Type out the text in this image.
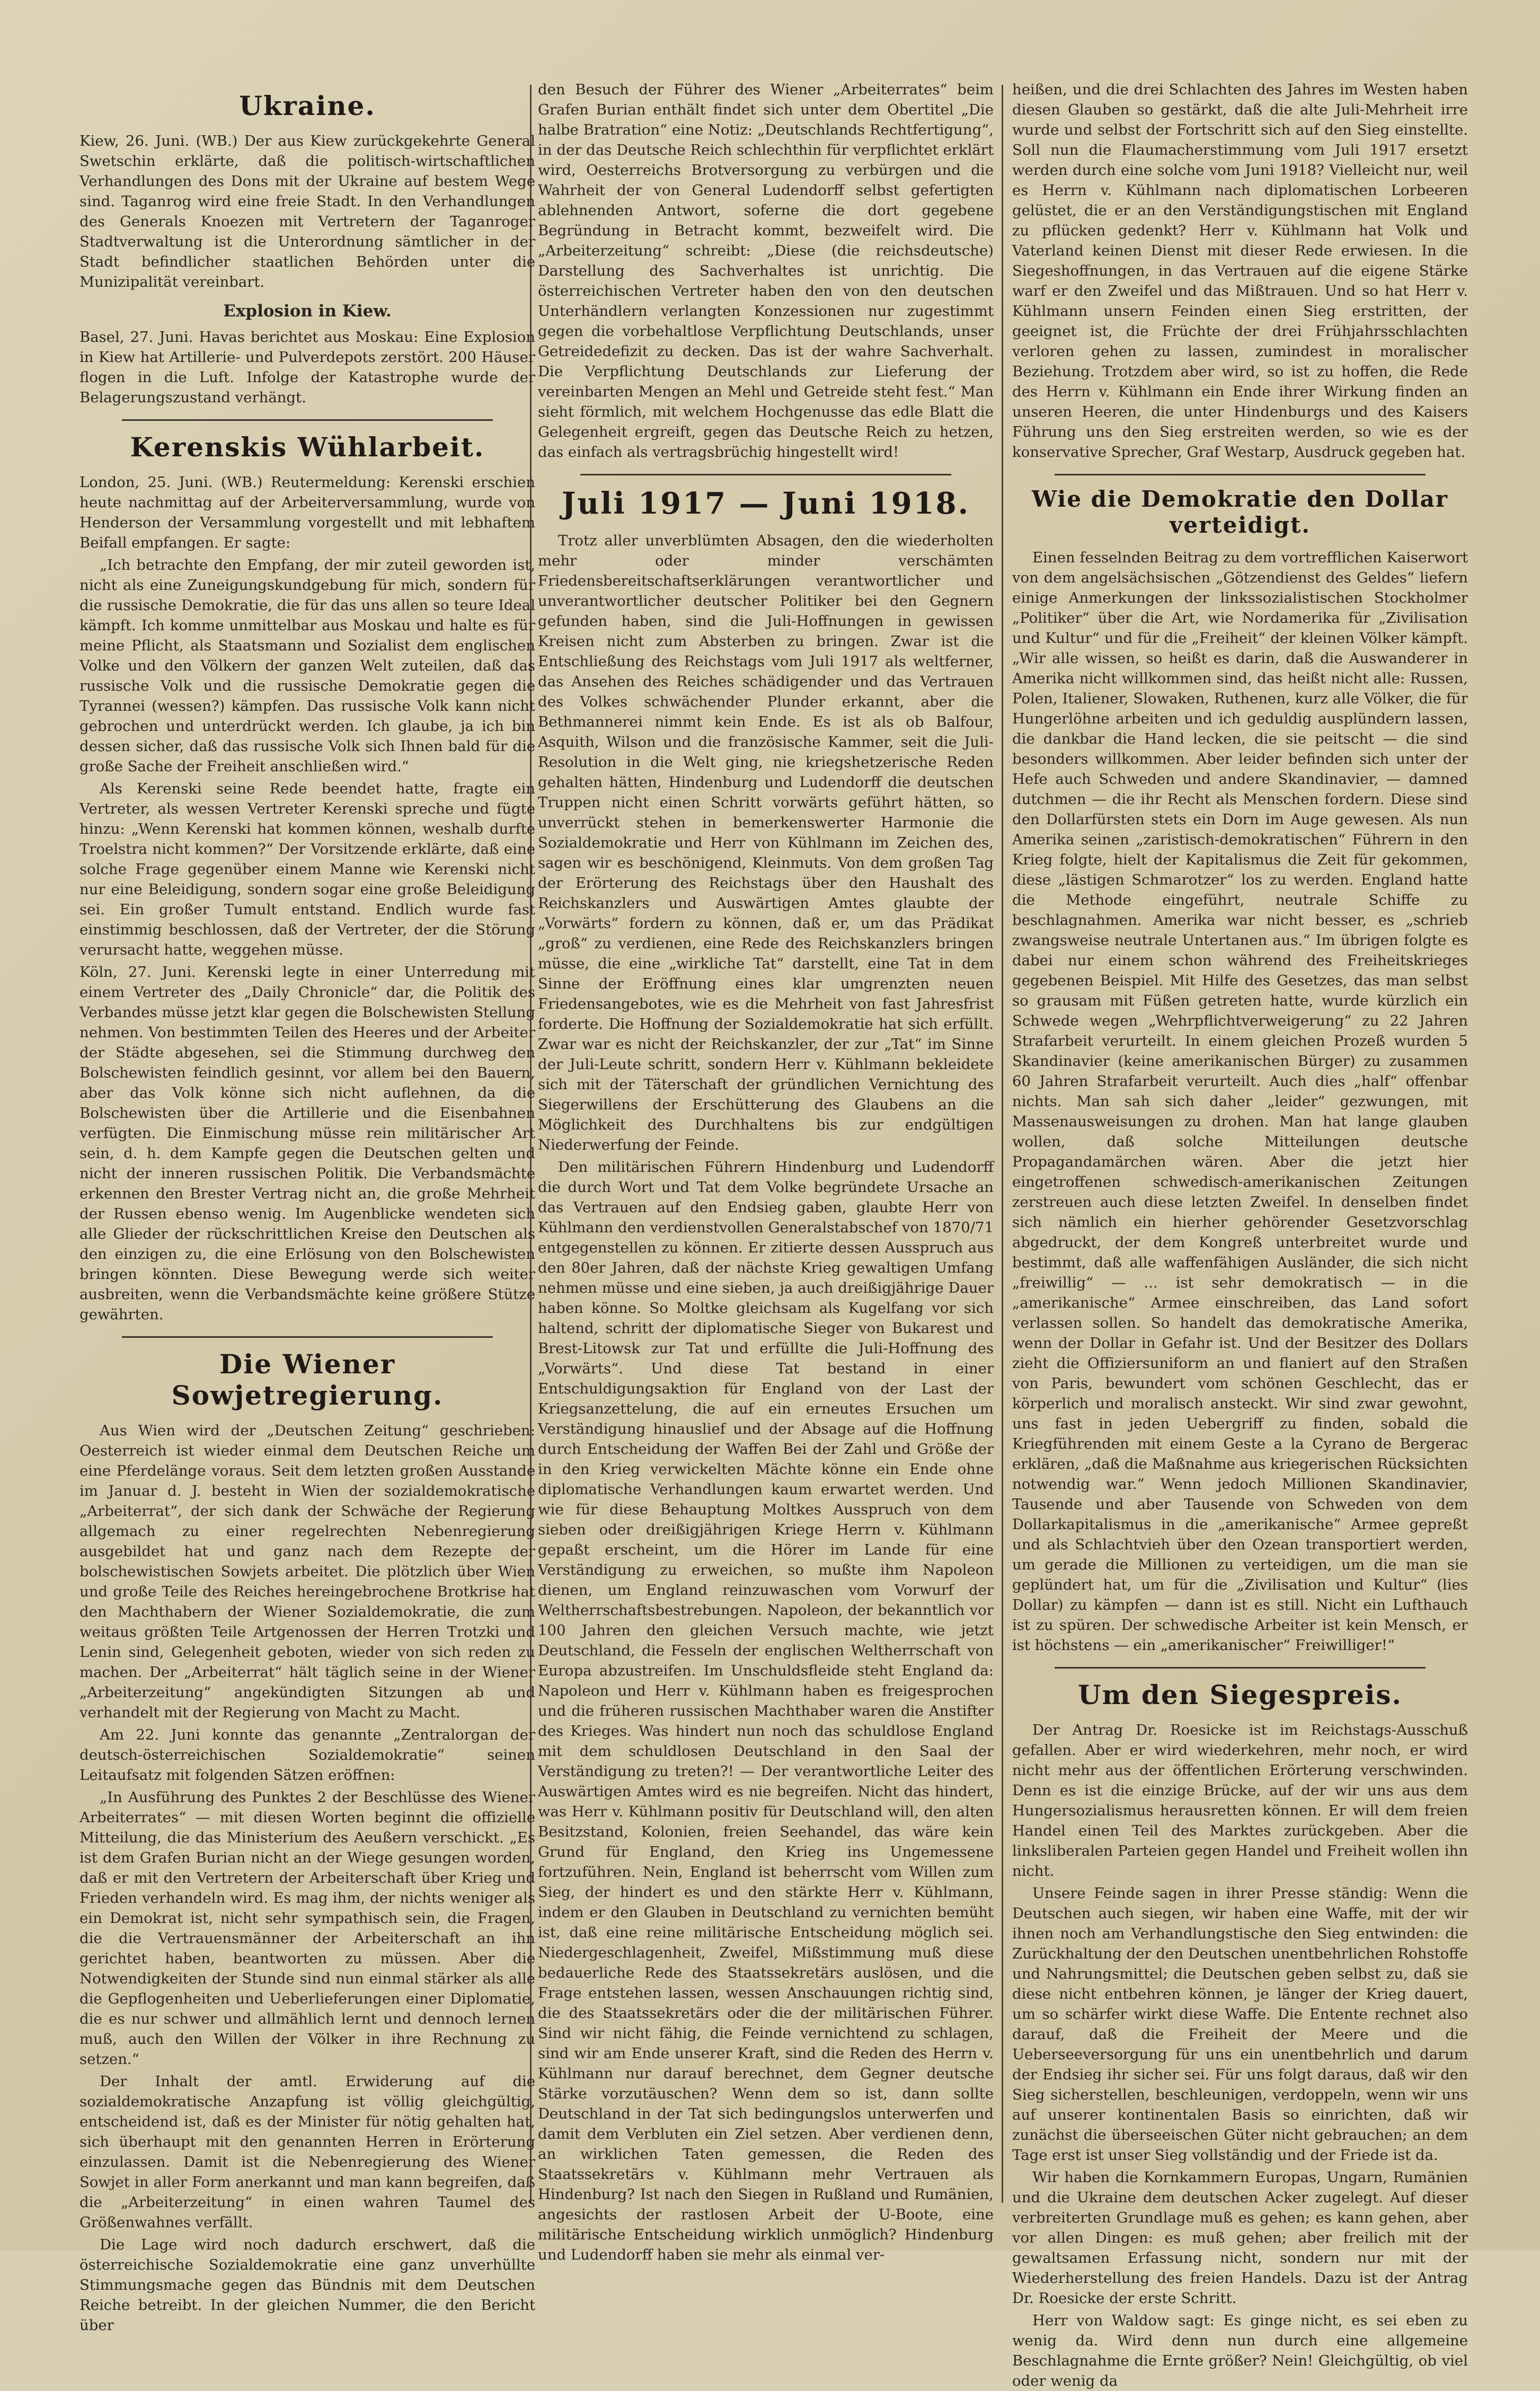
Ukraine.

Kiew, 26. Juni. (WB.) Der aus Kiew zurückgekehrte General Swetschin erklärte, daß die politisch-wirtschaftlichen Verhandlungen des Dons mit der Ukraine auf bestem Wege sind. Taganrog wird eine freie Stadt. In den Verhandlungen des Generals Knoezen mit Vertretern der Taganroger Stadtverwaltung ist die Unterordnung sämtlicher in der Stadt befindlicher staatlichen Behörden unter die Munizipalität vereinbart.

Explosion in Kiew.

Basel, 27. Juni. Havas berichtet aus Moskau: Eine Explosion in Kiew hat Artillerie- und Pulverdepots zerstört. 200 Häuser flogen in die Luft. Infolge der Katastrophe wurde der Belagerungszustand verhängt.

Kerenskis Wühlarbeit.

London, 25. Juni. (WB.) Reutermeldung: Kerenski erschien heute nachmittag auf der Arbeiterversammlung, wurde von Henderson der Versammlung vorgestellt und mit lebhaftem Beifall empfangen. Er sagte:

„Ich betrachte den Empfang, der mir zuteil geworden ist, nicht als eine Zuneigungskundgebung für mich, sondern für die russische Demokratie, die für das uns allen so teure Ideal kämpft. Ich komme unmittelbar aus Moskau und halte es für meine Pflicht, als Staatsmann und Sozialist dem englischen Volke und den Völkern der ganzen Welt zuteilen, daß das russische Volk und die russische Demokratie gegen die Tyrannei (wessen?) kämpfen. Das russische Volk kann nicht gebrochen und unterdrückt werden. Ich glaube, ja ich bin dessen sicher, daß das russische Volk sich Ihnen bald für die große Sache der Freiheit anschließen wird.“

Als Kerenski seine Rede beendet hatte, fragte ein Vertreter, als wessen Vertreter Kerenski spreche und fügte hinzu: „Wenn Kerenski hat kommen können, weshalb durfte Troelstra nicht kommen?“ Der Vorsitzende erklärte, daß eine solche Frage gegenüber einem Manne wie Kerenski nicht nur eine Beleidigung, sondern sogar eine große Beleidigung sei. Ein großer Tumult entstand. Endlich wurde fast einstimmig beschlossen, daß der Vertreter, der die Störung verursacht hatte, weggehen müsse.

Köln, 27. Juni. Kerenski legte in einer Unterredung mit einem Vertreter des „Daily Chronicle“ dar, die Politik des Verbandes müsse jetzt klar gegen die Bolschewisten Stellung nehmen. Von bestimmten Teilen des Heeres und der Arbeiter der Städte abgesehen, sei die Stimmung durchweg den Bolschewisten feindlich gesinnt, vor allem bei den Bauern, aber das Volk könne sich nicht auflehnen, da die Bolschewisten über die Artillerie und die Eisenbahnen verfügten. Die Einmischung müsse rein militärischer Art sein, d. h. dem Kampfe gegen die Deutschen gelten und nicht der inneren russischen Politik. Die Verbandsmächte erkennen den Brester Vertrag nicht an, die große Mehrheit der Russen ebenso wenig. Im Augenblicke wendeten sich alle Glieder der rückschrittlichen Kreise den Deutschen als den einzigen zu, die eine Erlösung von den Bolschewisten bringen könnten. Diese Bewegung werde sich weiter ausbreiten, wenn die Verbandsmächte keine größere Stütze gewährten.

Die Wiener Sowjetregierung.

Aus Wien wird der „Deutschen Zeitung“ geschrieben: Oesterreich ist wieder einmal dem Deutschen Reiche um eine Pferdelänge voraus. Seit dem letzten großen Ausstande im Januar d. J. besteht in Wien der sozialdemokratische „Arbeiterrat“, der sich dank der Schwäche der Regierung allgemach zu einer regelrechten Nebenregierung ausgebildet hat und ganz nach dem Rezepte der bolschewistischen Sowjets arbeitet. Die plötzlich über Wien und große Teile des Reiches hereingebrochene Brotkrise hat den Machthabern der Wiener Sozialdemokratie, die zum weitaus größten Teile Artgenossen der Herren Trotzki und Lenin sind, Gelegenheit geboten, wieder von sich reden zu machen. Der „Arbeiterrat“ hält täglich seine in der Wiener „Arbeiterzeitung“ angekündigten Sitzungen ab und verhandelt mit der Regierung von Macht zu Macht.

Am 22. Juni konnte das genannte „Zentralorgan der deutsch-österreichischen Sozialdemokratie“ seinen Leitaufsatz mit folgenden Sätzen eröffnen:

„In Ausführung des Punktes 2 der Beschlüsse des Wiener Arbeiterrates“ — mit diesen Worten beginnt die offizielle Mitteilung, die das Ministerium des Aeußern verschickt. „Es ist dem Grafen Burian nicht an der Wiege gesungen worden, daß er mit den Vertretern der Arbeiterschaft über Krieg und Frieden verhandeln wird. Es mag ihm, der nichts weniger als ein Demokrat ist, nicht sehr sympathisch sein, die Fragen, die die Vertrauensmänner der Arbeiterschaft an ihn gerichtet haben, beantworten zu müssen. Aber die Notwendigkeiten der Stunde sind nun einmal stärker als alle die Gepflogenheiten und Ueberlieferungen einer Diplomatie, die es nur schwer und allmählich lernt und dennoch lernen muß, auch den Willen der Völker in ihre Rechnung zu setzen.“

Der Inhalt der amtl. Erwiderung auf die sozialdemokratische Anzapfung ist völlig gleichgültig, entscheidend ist, daß es der Minister für nötig gehalten hat, sich überhaupt mit den genannten Herren in Erörterung einzulassen. Damit ist die Nebenregierung des Wiener Sowjet in aller Form anerkannt und man kann begreifen, daß die „Arbeiterzeitung“ in einen wahren Taumel des Größenwahnes verfällt.

Die Lage wird noch dadurch erschwert, daß die österreichische Sozialdemokratie eine ganz unverhüllte Stimmungsmache gegen das Bündnis mit dem Deutschen Reiche betreibt. In der gleichen Nummer, die den Bericht über

den Besuch der Führer des Wiener „Arbeiterrates“ beim Grafen Burian enthält findet sich unter dem Obertitel „Die halbe Bratration“ eine Notiz: „Deutschlands Rechtfertigung“, in der das Deutsche Reich schlechthin für verpflichtet erklärt wird, Oesterreichs Brotversorgung zu verbürgen und die Wahrheit der von General Ludendorff selbst gefertigten ablehnenden Antwort, soferne die dort gegebene Begründung in Betracht kommt, bezweifelt wird. Die „Arbeiterzeitung“ schreibt: „Diese (die reichsdeutsche) Darstellung des Sachverhaltes ist unrichtig. Die österreichischen Vertreter haben den von den deutschen Unterhändlern verlangten Konzessionen nur zugestimmt gegen die vorbehaltlose Verpflichtung Deutschlands, unser Getreidedefizit zu decken. Das ist der wahre Sachverhalt. Die Verpflichtung Deutschlands zur Lieferung der vereinbarten Mengen an Mehl und Getreide steht fest.“ Man sieht förmlich, mit welchem Hochgenusse das edle Blatt die Gelegenheit ergreift, gegen das Deutsche Reich zu hetzen, das einfach als vertragsbrüchig hingestellt wird!

Juli 1917 — Juni 1918.

Trotz aller unverblümten Absagen, den die wiederholten mehr oder minder verschämten Friedensbereitschaftserklärungen verantwortlicher und unverantwortlicher deutscher Politiker bei den Gegnern gefunden haben, sind die Juli-Hoffnungen in gewissen Kreisen nicht zum Absterben zu bringen. Zwar ist die Entschließung des Reichstags vom Juli 1917 als weltferner, das Ansehen des Reiches schädigender und das Vertrauen des Volkes schwächender Plunder erkannt, aber die Bethmannerei nimmt kein Ende. Es ist als ob Balfour, Asquith, Wilson und die französische Kammer, seit die Juli-Resolution in die Welt ging, nie kriegshetzerische Reden gehalten hätten, Hindenburg und Ludendorff die deutschen Truppen nicht einen Schritt vorwärts geführt hätten, so unverrückt stehen in bemerkenswerter Harmonie die Sozialdemokratie und Herr von Kühlmann im Zeichen des, sagen wir es beschönigend, Kleinmuts. Von dem großen Tag der Erörterung des Reichstags über den Haushalt des Reichskanzlers und Auswärtigen Amtes glaubte der „Vorwärts“ fordern zu können, daß er, um das Prädikat „groß“ zu verdienen, eine Rede des Reichskanzlers bringen müsse, die eine „wirkliche Tat“ darstellt, eine Tat in dem Sinne der Eröffnung eines klar umgrenzten neuen Friedensangebotes, wie es die Mehrheit von fast Jahresfrist forderte. Die Hoffnung der Sozialdemokratie hat sich erfüllt. Zwar war es nicht der Reichskanzler, der zur „Tat“ im Sinne der Juli-Leute schritt, sondern Herr v. Kühlmann bekleidete sich mit der Täterschaft der gründlichen Vernichtung des Siegerwillens der Erschütterung des Glaubens an die Möglichkeit des Durchhaltens bis zur endgültigen Niederwerfung der Feinde.

Den militärischen Führern Hindenburg und Ludendorff die durch Wort und Tat dem Volke begründete Ursache an das Vertrauen auf den Endsieg gaben, glaubte Herr von Kühlmann den verdienstvollen Generalstabschef von 1870/71 entgegenstellen zu können. Er zitierte dessen Ausspruch aus den 80er Jahren, daß der nächste Krieg gewaltigen Umfang nehmen müsse und eine sieben, ja auch dreißigjährige Dauer haben könne. So Moltke gleichsam als Kugelfang vor sich haltend, schritt der diplomatische Sieger von Bukarest und Brest-Litowsk zur Tat und erfüllte die Juli-Hoffnung des „Vorwärts“. Und diese Tat bestand in einer Entschuldigungsaktion für England von der Last der Kriegsanzettelung, die auf ein erneutes Ersuchen um Verständigung hinauslief und der Absage auf die Hoffnung durch Entscheidung der Waffen Bei der Zahl und Größe der in den Krieg verwickelten Mächte könne ein Ende ohne diplomatische Verhandlungen kaum erwartet werden. Und wie für diese Behauptung Moltkes Ausspruch von dem sieben oder dreißigjährigen Kriege Herrn v. Kühlmann gepaßt erscheint, um die Hörer im Lande für eine Verständigung zu erweichen, so mußte ihm Napoleon dienen, um England reinzuwaschen vom Vorwurf der Weltherrschaftsbestrebungen. Napoleon, der bekanntlich vor 100 Jahren den gleichen Versuch machte, wie jetzt Deutschland, die Fesseln der englischen Weltherrschaft von Europa abzustreifen. Im Unschuldsfleide steht England da: Napoleon und Herr v. Kühlmann haben es freigesprochen und die früheren russischen Machthaber waren die Anstifter des Krieges. Was hindert nun noch das schuldlose England mit dem schuldlosen Deutschland in den Saal der Verständigung zu treten?! — Der verantwortliche Leiter des Auswärtigen Amtes wird es nie begreifen. Nicht das hindert, was Herr v. Kühlmann positiv für Deutschland will, den alten Besitzstand, Kolonien, freien Seehandel, das wäre kein Grund für England, den Krieg ins Ungemessene fortzuführen. Nein, England ist beherrscht vom Willen zum Sieg, der hindert es und den stärkte Herr v. Kühlmann, indem er den Glauben in Deutschland zu vernichten bemüht ist, daß eine reine militärische Entscheidung möglich sei. Niedergeschlagenheit, Zweifel, Mißstimmung muß diese bedauerliche Rede des Staatssekretärs auslösen, und die Frage entstehen lassen, wessen Anschauungen richtig sind, die des Staatssekretärs oder die der militärischen Führer. Sind wir nicht fähig, die Feinde vernichtend zu schlagen, sind wir am Ende unserer Kraft, sind die Reden des Herrn v. Kühlmann nur darauf berechnet, dem Gegner deutsche Stärke vorzutäuschen? Wenn dem so ist, dann sollte Deutschland in der Tat sich bedingungslos unterwerfen und damit dem Verbluten ein Ziel setzen. Aber verdienen denn, an wirklichen Taten gemessen, die Reden des Staatssekretärs v. Kühlmann mehr Vertrauen als Hindenburg? Ist nach den Siegen in Rußland und Rumänien, angesichts der rastlosen Arbeit der U-Boote, eine militärische Entscheidung wirklich unmöglich? Hindenburg und Ludendorff haben sie mehr als einmal ver-

heißen, und die drei Schlachten des Jahres im Westen haben diesen Glauben so gestärkt, daß die alte Juli-Mehrheit irre wurde und selbst der Fortschritt sich auf den Sieg einstellte. Soll nun die Flaumacherstimmung vom Juli 1917 ersetzt werden durch eine solche vom Juni 1918? Vielleicht nur, weil es Herrn v. Kühlmann nach diplomatischen Lorbeeren gelüstet, die er an den Verständigungstischen mit England zu pflücken gedenkt? Herr v. Kühlmann hat Volk und Vaterland keinen Dienst mit dieser Rede erwiesen. In die Siegeshoffnungen, in das Vertrauen auf die eigene Stärke warf er den Zweifel und das Mißtrauen. Und so hat Herr v. Kühlmann unsern Feinden einen Sieg erstritten, der geeignet ist, die Früchte der drei Frühjahrsschlachten verloren gehen zu lassen, zumindest in moralischer Beziehung. Trotzdem aber wird, so ist zu hoffen, die Rede des Herrn v. Kühlmann ein Ende ihrer Wirkung finden an unseren Heeren, die unter Hindenburgs und des Kaisers Führung uns den Sieg erstreiten werden, so wie es der konservative Sprecher, Graf Westarp, Ausdruck gegeben hat.

Wie die Demokratie den Dollar verteidigt.

Einen fesselnden Beitrag zu dem vortrefflichen Kaiserwort von dem angelsächsischen „Götzendienst des Geldes“ liefern einige Anmerkungen der linkssozialistischen Stockholmer „Politiker“ über die Art, wie Nordamerika für „Zivilisation und Kultur“ und für die „Freiheit“ der kleinen Völker kämpft. „Wir alle wissen, so heißt es darin, daß die Auswanderer in Amerika nicht willkommen sind, das heißt nicht alle: Russen, Polen, Italiener, Slowaken, Ruthenen, kurz alle Völker, die für Hungerlöhne arbeiten und ich geduldig ausplündern lassen, die dankbar die Hand lecken, die sie peitscht — die sind besonders willkommen. Aber leider befinden sich unter der Hefe auch Schweden und andere Skandinavier, — damned dutchmen — die ihr Recht als Menschen fordern. Diese sind den Dollarfürsten stets ein Dorn im Auge gewesen. Als nun Amerika seinen „zaristisch-demokratischen“ Führern in den Krieg folgte, hielt der Kapitalismus die Zeit für gekommen, diese „lästigen Schmarotzer“ los zu werden. England hatte die Methode eingeführt, neutrale Schiffe zu beschlagnahmen. Amerika war nicht besser, es „schrieb zwangsweise neutrale Untertanen aus.“ Im übrigen folgte es dabei nur einem schon während des Freiheitskrieges gegebenen Beispiel. Mit Hilfe des Gesetzes, das man selbst so grausam mit Füßen getreten hatte, wurde kürzlich ein Schwede wegen „Wehrpflichtverweigerung“ zu 22 Jahren Strafarbeit verurteilt. In einem gleichen Prozeß wurden 5 Skandinavier (keine amerikanischen Bürger) zu zusammen 60 Jahren Strafarbeit verurteilt. Auch dies „half“ offenbar nichts. Man sah sich daher „leider“ gezwungen, mit Massenausweisungen zu drohen. Man hat lange glauben wollen, daß solche Mitteilungen deutsche Propagandamärchen wären. Aber die jetzt hier eingetroffenen schwedisch-amerikanischen Zeitungen zerstreuen auch diese letzten Zweifel. In denselben findet sich nämlich ein hierher gehörender Gesetzvorschlag abgedruckt, der dem Kongreß unterbreitet wurde und bestimmt, daß alle waffenfähigen Ausländer, die sich nicht „freiwillig“ — ... ist sehr demokratisch — in die „amerikanische“ Armee einschreiben, das Land sofort verlassen sollen. So handelt das demokratische Amerika, wenn der Dollar in Gefahr ist. Und der Besitzer des Dollars zieht die Offiziersuniform an und flaniert auf den Straßen von Paris, bewundert vom schönen Geschlecht, das er körperlich und moralisch ansteckt. Wir sind zwar gewohnt, uns fast in jeden Uebergriff zu finden, sobald die Kriegführenden mit einem Geste a la Cyrano de Bergerac erklären, „daß die Maßnahme aus kriegerischen Rücksichten notwendig war.“ Wenn jedoch Millionen Skandinavier, Tausende und aber Tausende von Schweden von dem Dollarkapitalismus in die „amerikanische“ Armee gepreßt und als Schlachtvieh über den Ozean transportiert werden, um gerade die Millionen zu verteidigen, um die man sie geplündert hat, um für die „Zivilisation und Kultur“ (lies Dollar) zu kämpfen — dann ist es still. Nicht ein Lufthauch ist zu spüren. Der schwedische Arbeiter ist kein Mensch, er ist höchstens — ein „amerikanischer“ Freiwilliger!“

Um den Siegespreis.

Der Antrag Dr. Roesicke ist im Reichstags-Ausschuß gefallen. Aber er wird wiederkehren, mehr noch, er wird nicht mehr aus der öffentlichen Erörterung verschwinden. Denn es ist die einzige Brücke, auf der wir uns aus dem Hungersozialismus herausretten können. Er will dem freien Handel einen Teil des Marktes zurückgeben. Aber die linksliberalen Parteien gegen Handel und Freiheit wollen ihn nicht.

Unsere Feinde sagen in ihrer Presse ständig: Wenn die Deutschen auch siegen, wir haben eine Waffe, mit der wir ihnen noch am Verhandlungstische den Sieg entwinden: die Zurückhaltung der den Deutschen unentbehrlichen Rohstoffe und Nahrungsmittel; die Deutschen geben selbst zu, daß sie diese nicht entbehren können, je länger der Krieg dauert, um so schärfer wirkt diese Waffe. Die Entente rechnet also darauf, daß die Freiheit der Meere und die Ueberseeversorgung für uns ein unentbehrlich und darum der Endsieg ihr sicher sei. Für uns folgt daraus, daß wir den Sieg sicherstellen, beschleunigen, verdoppeln, wenn wir uns auf unserer kontinentalen Basis so einrichten, daß wir zunächst die überseeischen Güter nicht gebrauchen; an dem Tage erst ist unser Sieg vollständig und der Friede ist da.

Wir haben die Kornkammern Europas, Ungarn, Rumänien und die Ukraine dem deutschen Acker zugelegt. Auf dieser verbreiterten Grundlage muß es gehen; es kann gehen, aber vor allen Dingen: es muß gehen; aber freilich mit der gewaltsamen Erfassung nicht, sondern nur mit der Wiederherstellung des freien Handels. Dazu ist der Antrag Dr. Roesicke der erste Schritt.

Herr von Waldow sagt: Es ginge nicht, es sei eben zu wenig da. Wird denn nun durch eine allgemeine Beschlagnahme die Ernte größer? Nein! Gleichgültig, ob viel oder wenig da
